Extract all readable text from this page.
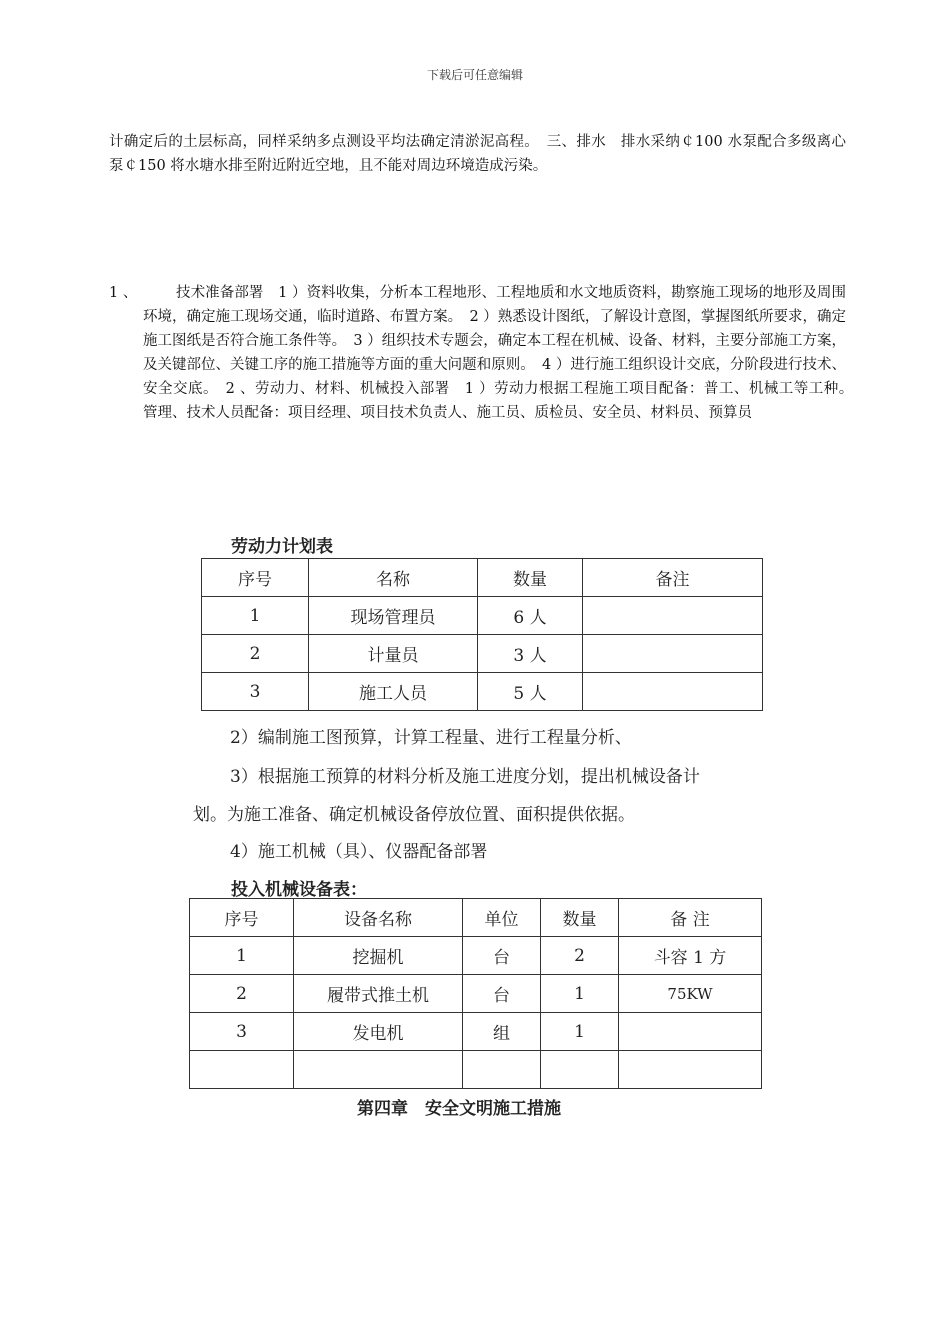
下载后可任意编辑
计确定后的土层标高，同样采纳多点测设平均法确定清淤泥高程。　三、排水　排水采纳￠100 水泵配合多级离心泵￠150 将水塘水排至附近附近空地，且不能对周边环境造成污染。
1 、	技术准备部署　1 ）资料收集，分析本工程地形、工程地质和水文地质资料，勘察施工现场的地形及周围环境，确定施工现场交通，临时道路、布置方案。　2 ）熟悉设计图纸，了解设计意图，掌握图纸所要求，确定施工图纸是否符合施工条件等。　3 ）组织技术专题会，确定本工程在机械、设备、材料，主要分部施工方案，及关键部位、关键工序的施工措施等方面的重大问题和原则。　4 ）进行施工组织设计交底，分阶段进行技术、安全交底。　2 、劳动力、材料、机械投入部署　1 ）劳动力根据工程施工项目配备：普工、机械工等工种。　管理、技术人员配备：项目经理、项目技术负责人、施工员、质检员、安全员、材料员、预算员
劳动力计划表
序号	名称	数量	备注
1	现场管理员	6 人	
2	计量员	3 人	
3	施工人员	5 人	
2）编制施工图预算，计算工程量、进行工程量分析、
3）根据施工预算的材料分析及施工进度分划，提出机械设备计
划。为施工准备、确定机械设备停放位置、面积提供依据。
4）施工机械（具）、仪器配备部署
投入机械设备表：
序号	设备名称	单位	数量	备 注
1	挖掘机	台	2	斗容 1 方
2	履带式推土机	台	1	75KW
3	发电机	组	1	

第四章　安全文明施工措施
